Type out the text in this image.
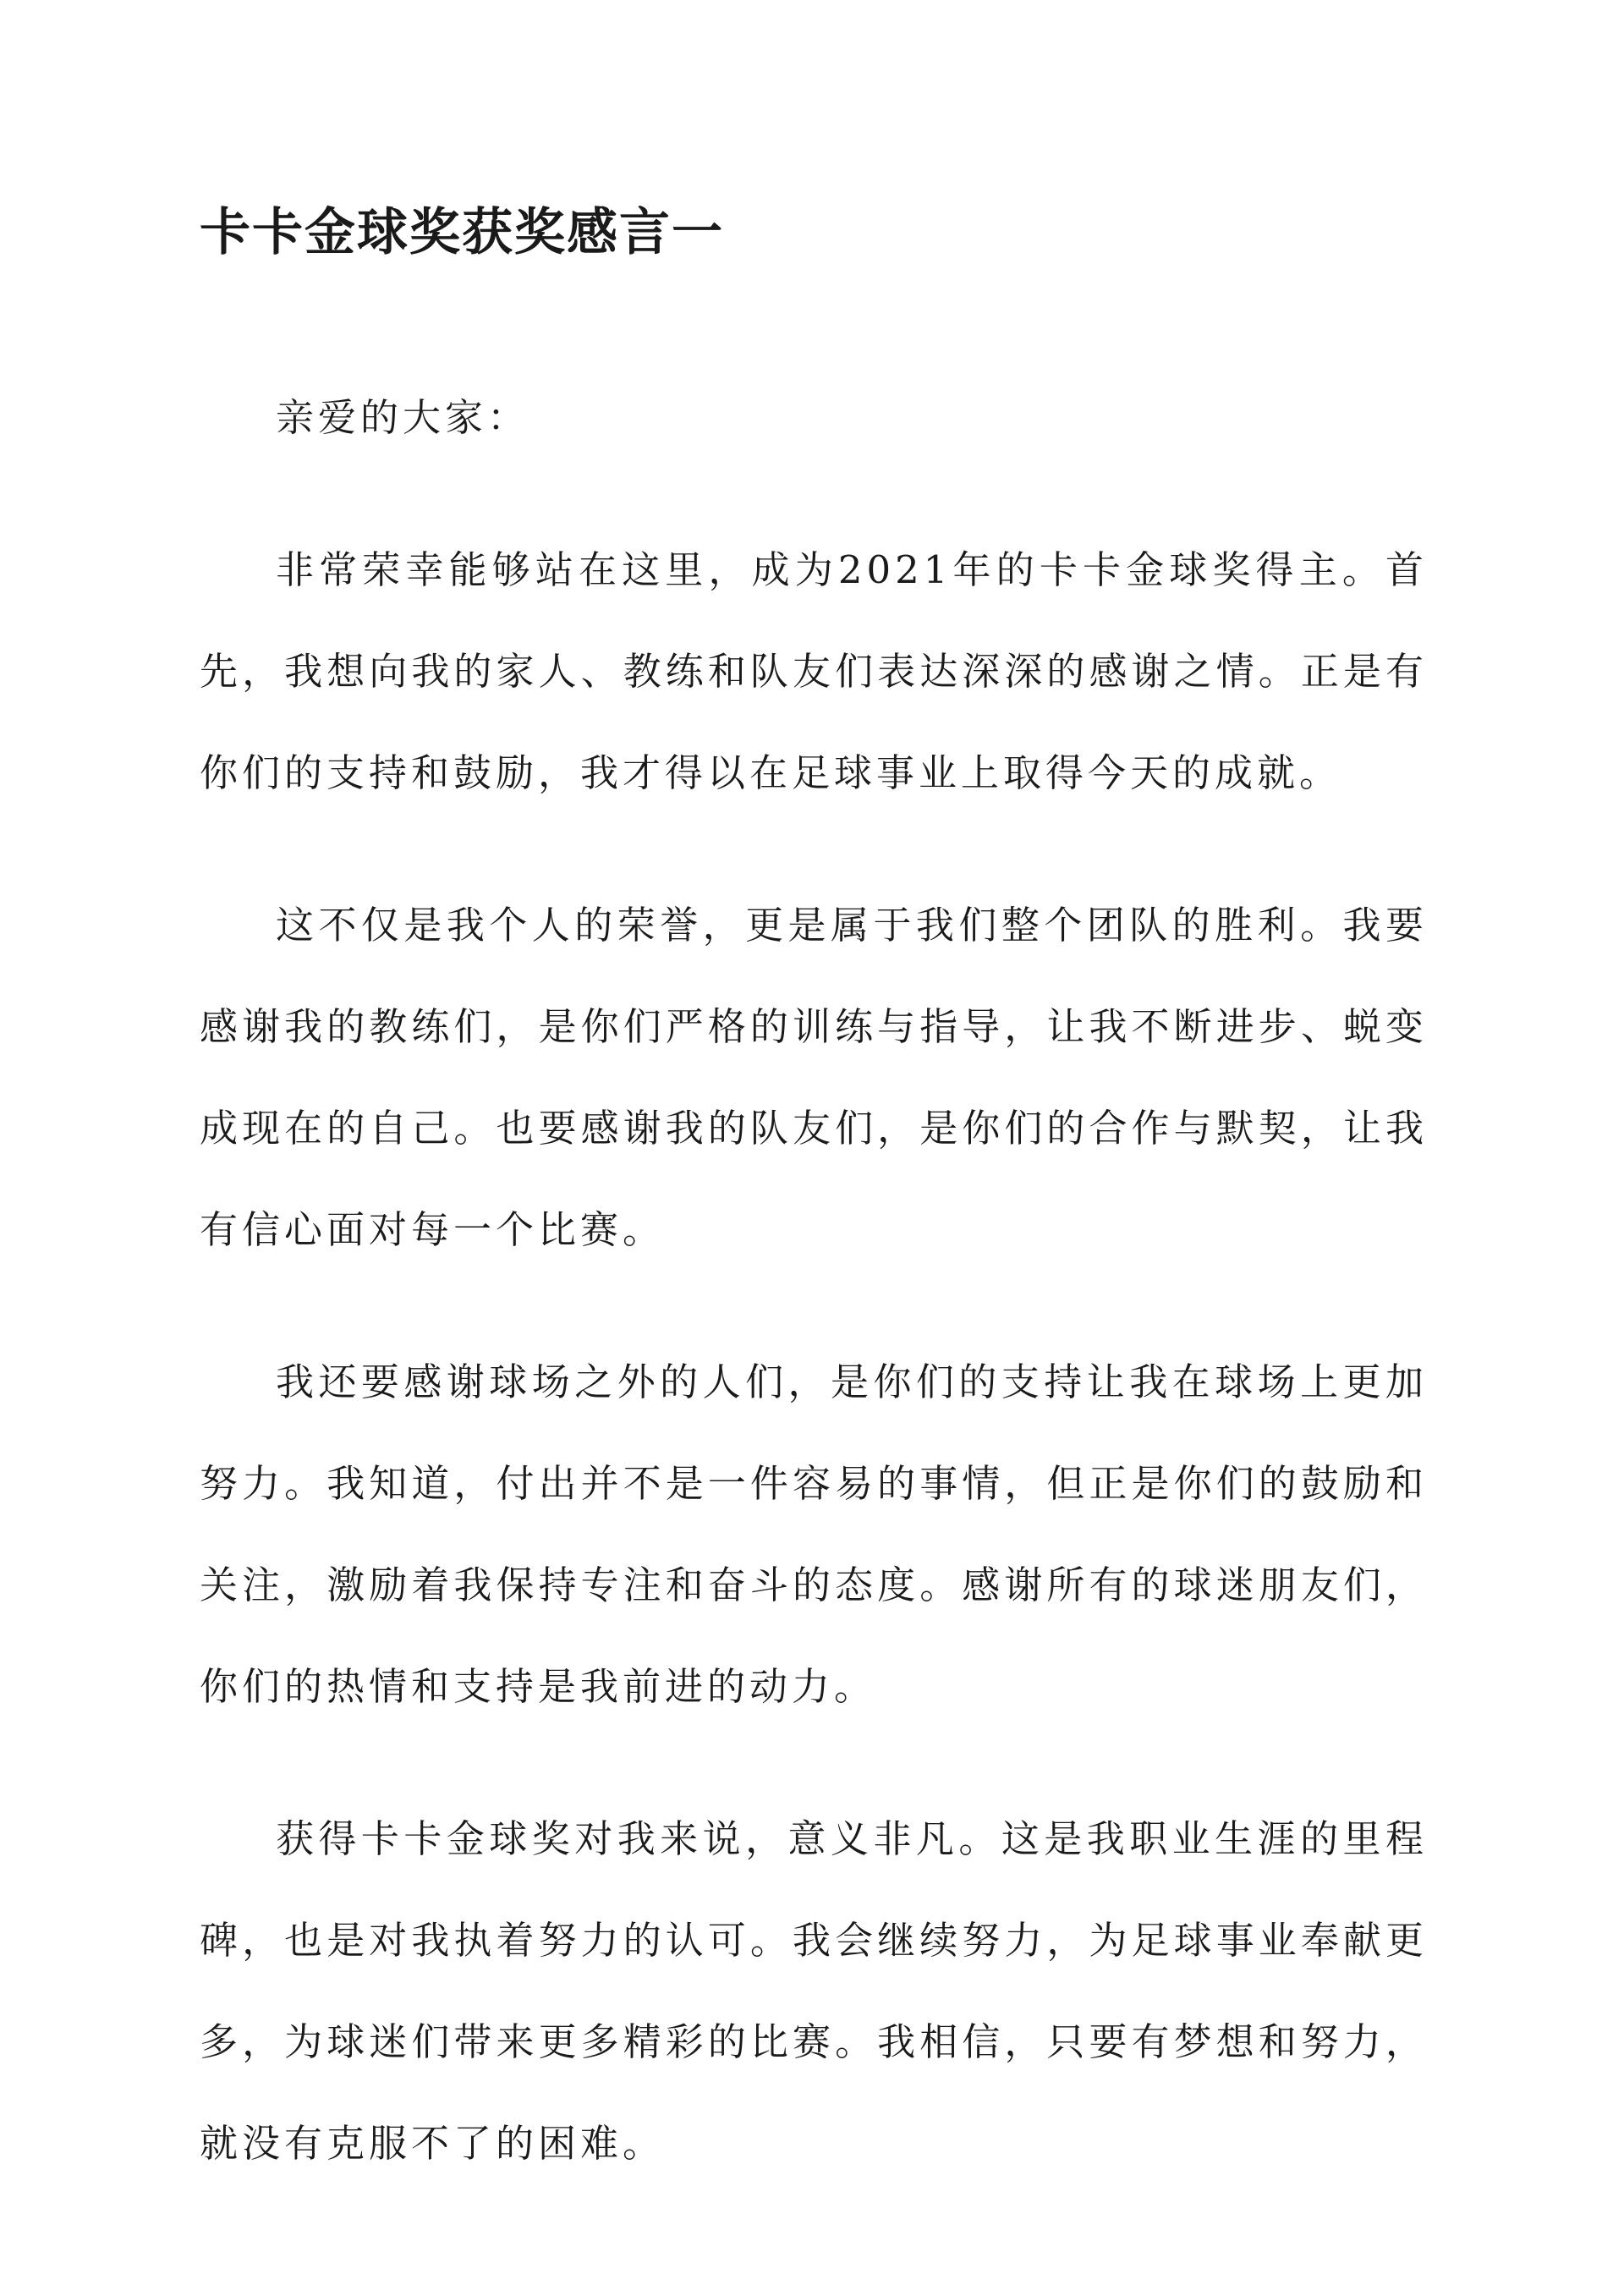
卡卡金球奖获奖感言一

亲爱的大家：

非常荣幸能够站在这里，成为2021年的卡卡金球奖得主。首先，我想向我的家人、教练和队友们表达深深的感谢之情。正是有你们的支持和鼓励，我才得以在足球事业上取得今天的成就。

这不仅是我个人的荣誉，更是属于我们整个团队的胜利。我要感谢我的教练们，是你们严格的训练与指导，让我不断进步、蜕变成现在的自己。也要感谢我的队友们，是你们的合作与默契，让我有信心面对每一个比赛。

我还要感谢球场之外的人们，是你们的支持让我在球场上更加努力。我知道，付出并不是一件容易的事情，但正是你们的鼓励和关注，激励着我保持专注和奋斗的态度。感谢所有的球迷朋友们，你们的热情和支持是我前进的动力。

获得卡卡金球奖对我来说，意义非凡。这是我职业生涯的里程碑，也是对我执着努力的认可。我会继续努力，为足球事业奉献更多，为球迷们带来更多精彩的比赛。我相信，只要有梦想和努力，就没有克服不了的困难。
